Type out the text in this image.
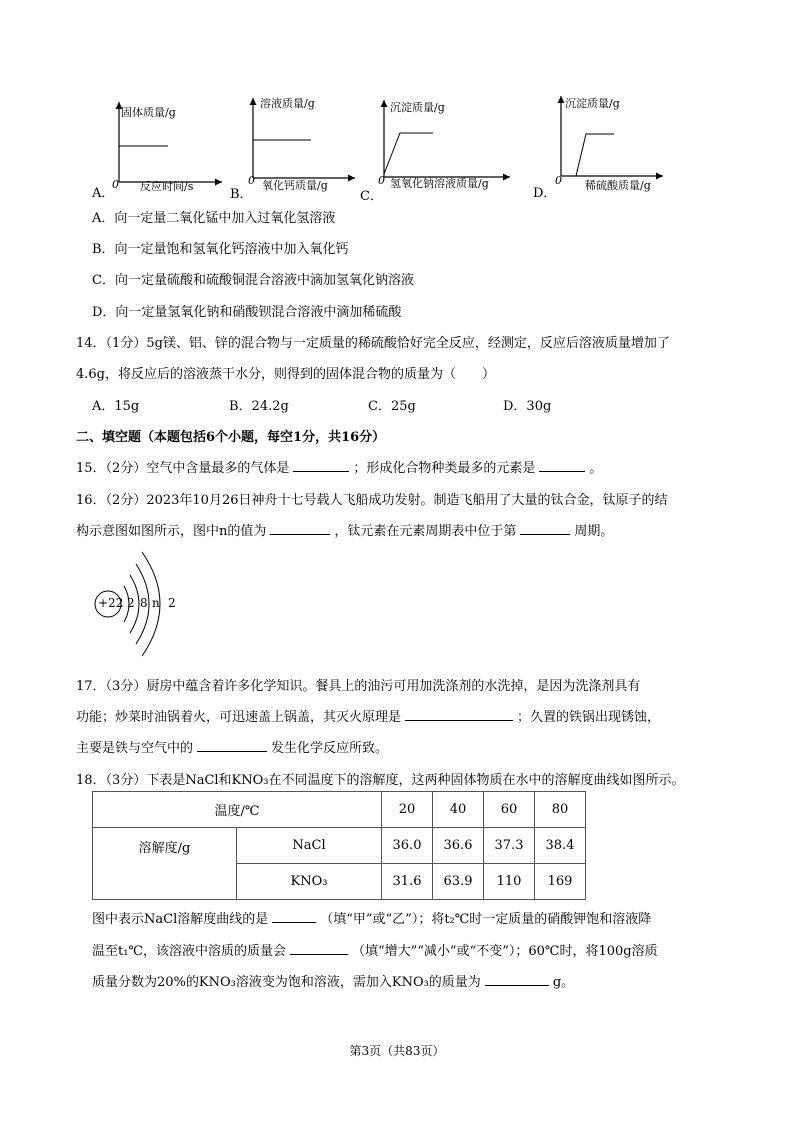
固体质量/g
0 反应时间/s
A．
溶液质量/g
0 氧化钙质量/g
B．
沉淀质量/g
0 氢氧化钠溶液质量/g
C．
沉淀质量/g
0 稀硫酸质量/g
D．
A．向一定量二氧化锰中加入过氧化氢溶液
B．向一定量饱和氢氧化钙溶液中加入氧化钙
C．向一定量硫酸和硫酸铜混合溶液中滴加氢氧化钠溶液
D．向一定量氢氧化钠和硝酸钡混合溶液中滴加稀硫酸
14．（1分）5g镁、铝、锌的混合物与一定质量的稀硫酸恰好完全反应，经测定，反应后溶液质量增加了
4.6g，将反应后的溶液蒸干水分，则得到的固体混合物的质量为（　　）
A．15g	B．24.2g	C．25g	D．30g
二、填空题（本题包括6个小题，每空1分，共16分）
15．（2分）空气中含量最多的气体是	；形成化合物种类最多的元素是	。
16．（2分）2023年10月26日神舟十七号载人飞船成功发射。制造飞船用了大量的钛合金，钛原子的结
构示意图如图所示，图中n的值为	，钛元素在元素周期表中位于第	周期。
+22 2 8 n 2
17．（3分）厨房中蕴含着许多化学知识。餐具上的油污可用加洗涤剂的水洗掉，是因为洗涤剂具有
功能；炒菜时油锅着火，可迅速盖上锅盖，其灭火原理是	；久置的铁锅出现锈蚀，
主要是铁与空气中的	发生化学反应所致。
18．（3分）下表是NaCl和KNO₃在不同温度下的溶解度，这两种固体物质在水中的溶解度曲线如图所示。
温度/℃		20	40	60	80
溶解度/g	NaCl	36.0	36.6	37.3	38.4
	KNO₃	31.6	63.9	110	169
图中表示NaCl溶解度曲线的是	（填“甲”或“乙”）；将t₂℃时一定质量的硝酸钾饱和溶液降
温至t₁℃，该溶液中溶质的质量会	（填“增大”“减小”或“不变”）；60℃时，将100g溶质
质量分数为20%的KNO₃溶液变为饱和溶液，需加入KNO₃的质量为	g。
第3页（共83页）
